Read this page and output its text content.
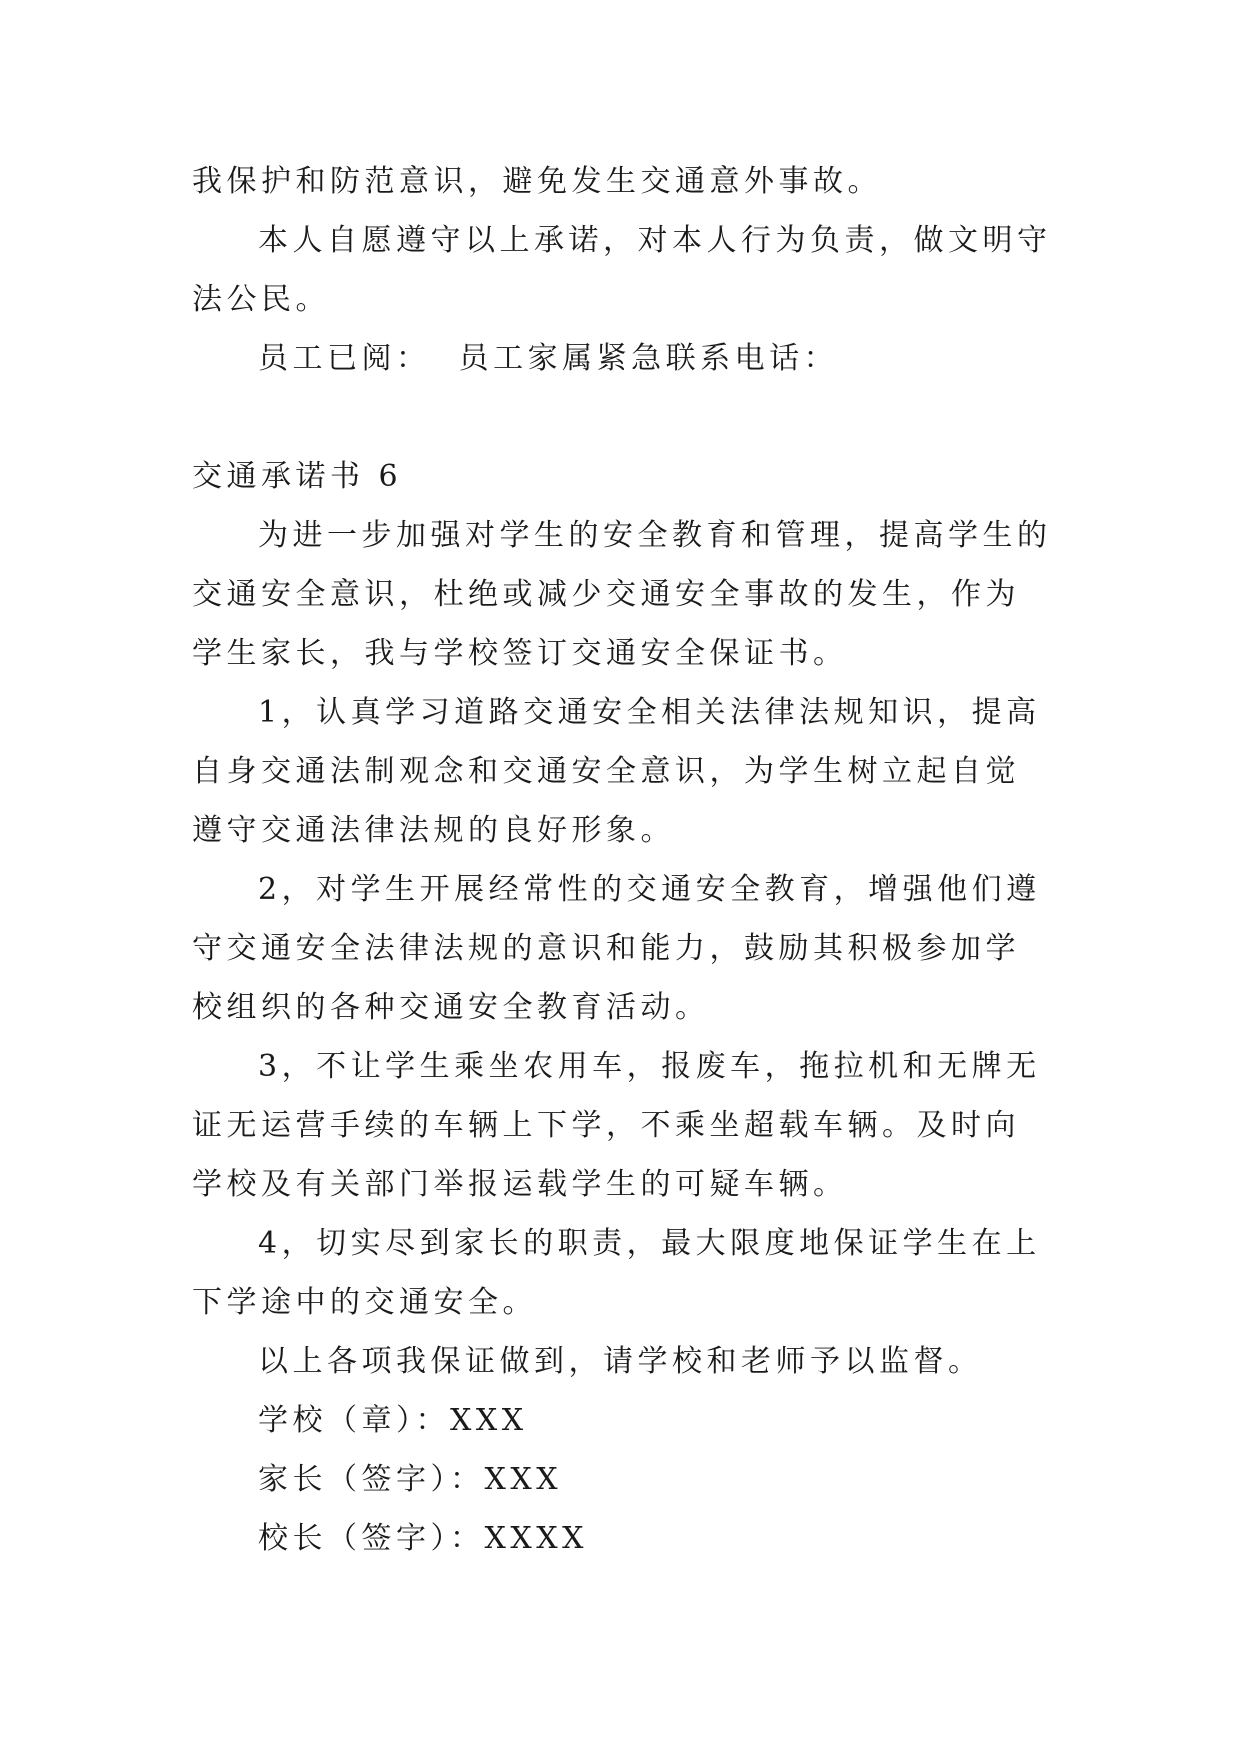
我保护和防范意识，避免发生交通意外事故。

本人自愿遵守以上承诺，对本人行为负责，做文明守法公民。

员工已阅：  员工家属紧急联系电话：

交通承诺书 6

为进一步加强对学生的安全教育和管理，提高学生的交通安全意识，杜绝或减少交通安全事故的发生，作为学生家长，我与学校签订交通安全保证书。

1，认真学习道路交通安全相关法律法规知识，提高自身交通法制观念和交通安全意识，为学生树立起自觉遵守交通法律法规的良好形象。

2，对学生开展经常性的交通安全教育，增强他们遵守交通安全法律法规的意识和能力，鼓励其积极参加学校组织的各种交通安全教育活动。

3，不让学生乘坐农用车，报废车，拖拉机和无牌无证无运营手续的车辆上下学，不乘坐超载车辆。及时向学校及有关部门举报运载学生的可疑车辆。

4，切实尽到家长的职责，最大限度地保证学生在上下学途中的交通安全。

以上各项我保证做到，请学校和老师予以监督。

学校（章）：XXX

家长（签字）：XXX

校长（签字）：XXXX
